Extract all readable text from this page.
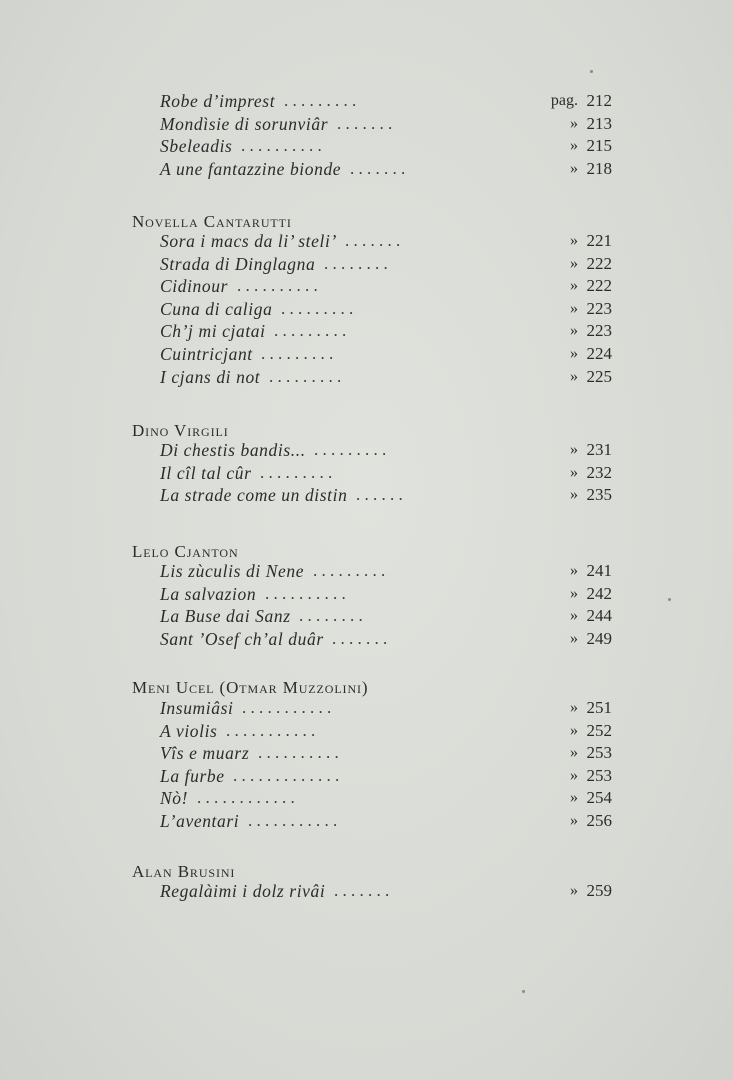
Robe d’imprest . . . . . . . . .	pag. 212
Mondìsie di sorunviâr . . . . . . .	» 213
Sbeleadis . . . . . . . . . .	» 215
A une fantazzine bionde . . . . . . .	» 218
Novella Cantarutti
Sora i macs da li’ steli’ . . . . . . .	» 221
Strada di Dinglagna . . . . . . . .	» 222
Cidinour . . . . . . . . . .	» 222
Cuna di caliga . . . . . . . . .	» 223
Ch’j mi cjatai . . . . . . . . .	» 223
Cuintricjant . . . . . . . . .	» 224
I cjans di not . . . . . . . . .	» 225
Dino Virgili
Di chestis bandis... . . . . . . . . .	» 231
Il cîl tal cûr . . . . . . . . .	» 232
La strade come un distin . . . . . .	» 235
Lelo Cjanton
Lis zùculis di Nene . . . . . . . . .	» 241
La salvazion . . . . . . . . . .	» 242
La Buse dai Sanz . . . . . . . .	» 244
Sant ’Osef ch’al duâr . . . . . . .	» 249
Meni Ucel (Otmar Muzzolini)
Insumiâsi . . . . . . . . . . .	» 251
A violis . . . . . . . . . . .	» 252
Vîs e muarz . . . . . . . . . .	» 253
La furbe . . . . . . . . . . . . .	» 253
Nò! . . . . . . . . . . . .	» 254
L’aventari . . . . . . . . . . .	» 256
Alan Brusini
Regalàimi i dolz rivâi . . . . . . .	» 259
